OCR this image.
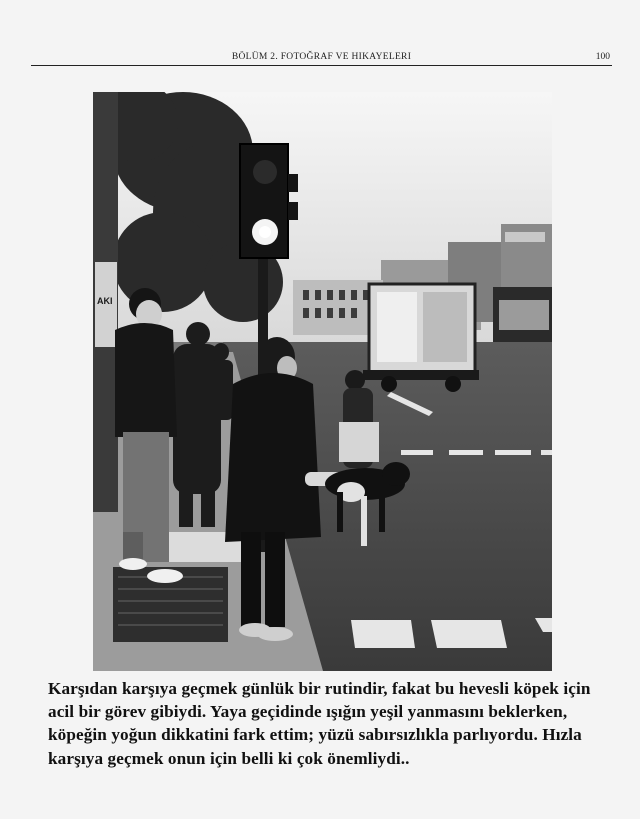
BÖLÜM 2. FOTOĞRAF VE HIKAYELERI	100
AKI

Karşıdan karşıya geçmek günlük bir rutindir, fakat bu hevesli köpek için acil bir görev gibiydi. Yaya geçidinde ışığın yeşil yanmasını beklerken, köpeğin yoğun dikkatini fark ettim; yüzü sabırsızlıkla parlıyordu. Hızla karşıya geçmek onun için belli ki çok önemliydi..
